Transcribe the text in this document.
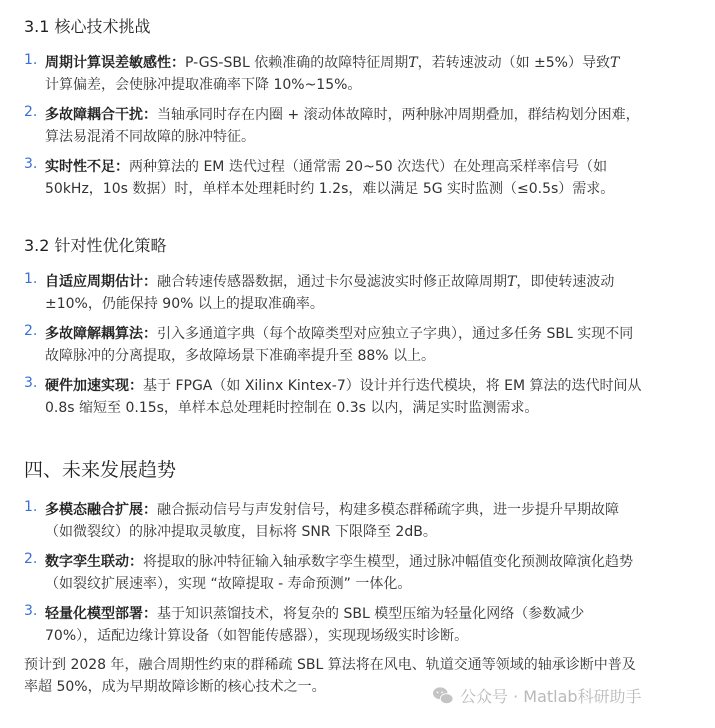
3.1 核心技术挑战
1. 周期计算误差敏感性：P-GS-SBL 依赖准确的故障特征周期T，若转速波动（如 ±5%）导致T
计算偏差，会使脉冲提取准确率下降 10%~15%。
2. 多故障耦合干扰：当轴承同时存在内圈 + 滚动体故障时，两种脉冲周期叠加，群结构划分困难，
算法易混淆不同故障的脉冲特征。
3. 实时性不足：两种算法的 EM 迭代过程（通常需 20~50 次迭代）在处理高采样率信号（如
50kHz，10s 数据）时，单样本处理耗时约 1.2s，难以满足 5G 实时监测（≤0.5s）需求。
3.2 针对性优化策略
1. 自适应周期估计：融合转速传感器数据，通过卡尔曼滤波实时修正故障周期T，即使转速波动
±10%，仍能保持 90% 以上的提取准确率。
2. 多故障解耦算法：引入多通道字典（每个故障类型对应独立子字典），通过多任务 SBL 实现不同
故障脉冲的分离提取，多故障场景下准确率提升至 88% 以上。
3. 硬件加速实现：基于 FPGA（如 Xilinx Kintex-7）设计并行迭代模块，将 EM 算法的迭代时间从
0.8s 缩短至 0.15s，单样本总处理耗时控制在 0.3s 以内，满足实时监测需求。
四、未来发展趋势
1. 多模态融合扩展：融合振动信号与声发射信号，构建多模态群稀疏字典，进一步提升早期故障
（如微裂纹）的脉冲提取灵敏度，目标将 SNR 下限降至 2dB。
2. 数字孪生联动：将提取的脉冲特征输入轴承数字孪生模型，通过脉冲幅值变化预测故障演化趋势
（如裂纹扩展速率），实现 “故障提取 - 寿命预测” 一体化。
3. 轻量化模型部署：基于知识蒸馏技术，将复杂的 SBL 模型压缩为轻量化网络（参数减少
70%），适配边缘计算设备（如智能传感器），实现现场级实时诊断。
预计到 2028 年，融合周期性约束的群稀疏 SBL 算法将在风电、轨道交通等领域的轴承诊断中普及
率超 50%，成为早期故障诊断的核心技术之一。	公众号 · Matlab科研助手
